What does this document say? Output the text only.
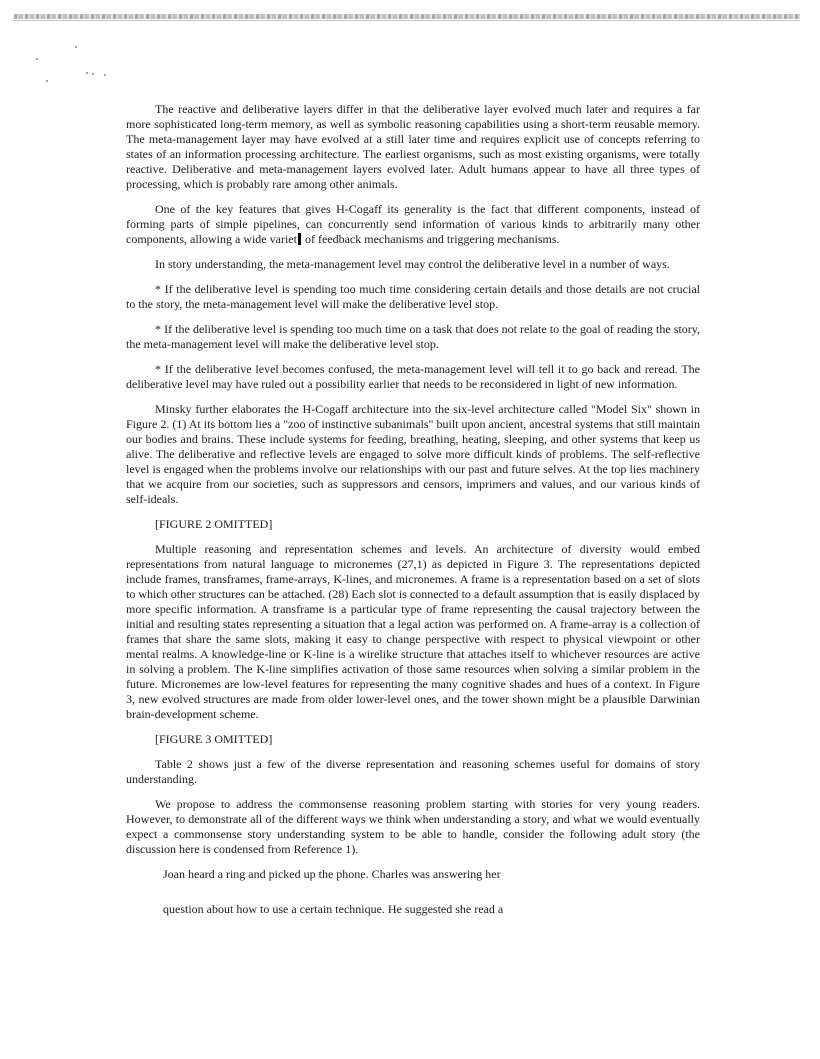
The reactive and deliberative layers differ in that the deliberative layer evolved much later and requires a far more sophisticated long-term memory, as well as symbolic reasoning capabilities using a short-term reusable memory. The meta-management layer may have evolved at a still later time and requires explicit use of concepts referring to states of an information processing architecture. The earliest organisms, such as most existing organisms, were totally reactive. Deliberative and meta-management layers evolved later. Adult humans appear to have all three types of processing, which is probably rare among other animals.

One of the key features that gives H-Cogaff its generality is the fact that different components, instead of forming parts of simple pipelines, can concurrently send information of various kinds to arbitrarily many other components, allowing a wide variet of feedback mechanisms and triggering mechanisms.

In story understanding, the meta-management level may control the deliberative level in a number of ways.

* If the deliberative level is spending too much time considering certain details and those details are not crucial to the story, the meta-management level will make the deliberative level stop.

* If the deliberative level is spending too much time on a task that does not relate to the goal of reading the story, the meta-management level will make the deliberative level stop.

* If the deliberative level becomes confused, the meta-management level will tell it to go back and reread. The deliberative level may have ruled out a possibility earlier that needs to be reconsidered in light of new information.

Minsky further elaborates the H-Cogaff architecture into the six-level architecture called "Model Six" shown in Figure 2. (1) At its bottom lies a "zoo of instinctive subanimals" built upon ancient, ancestral systems that still maintain our bodies and brains. These include systems for feeding, breathing, heating, sleeping, and other systems that keep us alive. The deliberative and reflective levels are engaged to solve more difficult kinds of problems. The self-reflective level is engaged when the problems involve our relationships with our past and future selves. At the top lies machinery that we acquire from our societies, such as suppressors and censors, imprimers and values, and our various kinds of self-ideals.

[FIGURE 2 OMITTED]

Multiple reasoning and representation schemes and levels. An architecture of diversity would embed representations from natural language to micronemes (27,1) as depicted in Figure 3. The representations depicted include frames, transframes, frame-arrays, K-lines, and micronemes. A frame is a representation based on a set of slots to which other structures can be attached. (28) Each slot is connected to a default assumption that is easily displaced by more specific information. A transframe is a particular type of frame representing the causal trajectory between the initial and resulting states representing a situation that a legal action was performed on. A frame-array is a collection of frames that share the same slots, making it easy to change perspective with respect to physical viewpoint or other mental realms. A knowledge-line or K-line is a wirelike structure that attaches itself to whichever resources are active in solving a problem. The K-line simplifies activation of those same resources when solving a similar problem in the future. Micronemes are low-level features for representing the many cognitive shades and hues of a context. In Figure 3, new evolved structures are made from older lower-level ones, and the tower shown might be a plausible Darwinian brain-development scheme.

[FIGURE 3 OMITTED]

Table 2 shows just a few of the diverse representation and reasoning schemes useful for domains of story understanding.

We propose to address the commonsense reasoning problem starting with stories for very young readers. However, to demonstrate all of the different ways we think when understanding a story, and what we would eventually expect a commonsense story understanding system to be able to handle, consider the following adult story (the discussion here is condensed from Reference 1).

Joan heard a ring and picked up the phone. Charles was answering her

question about how to use a certain technique. He suggested she read a
